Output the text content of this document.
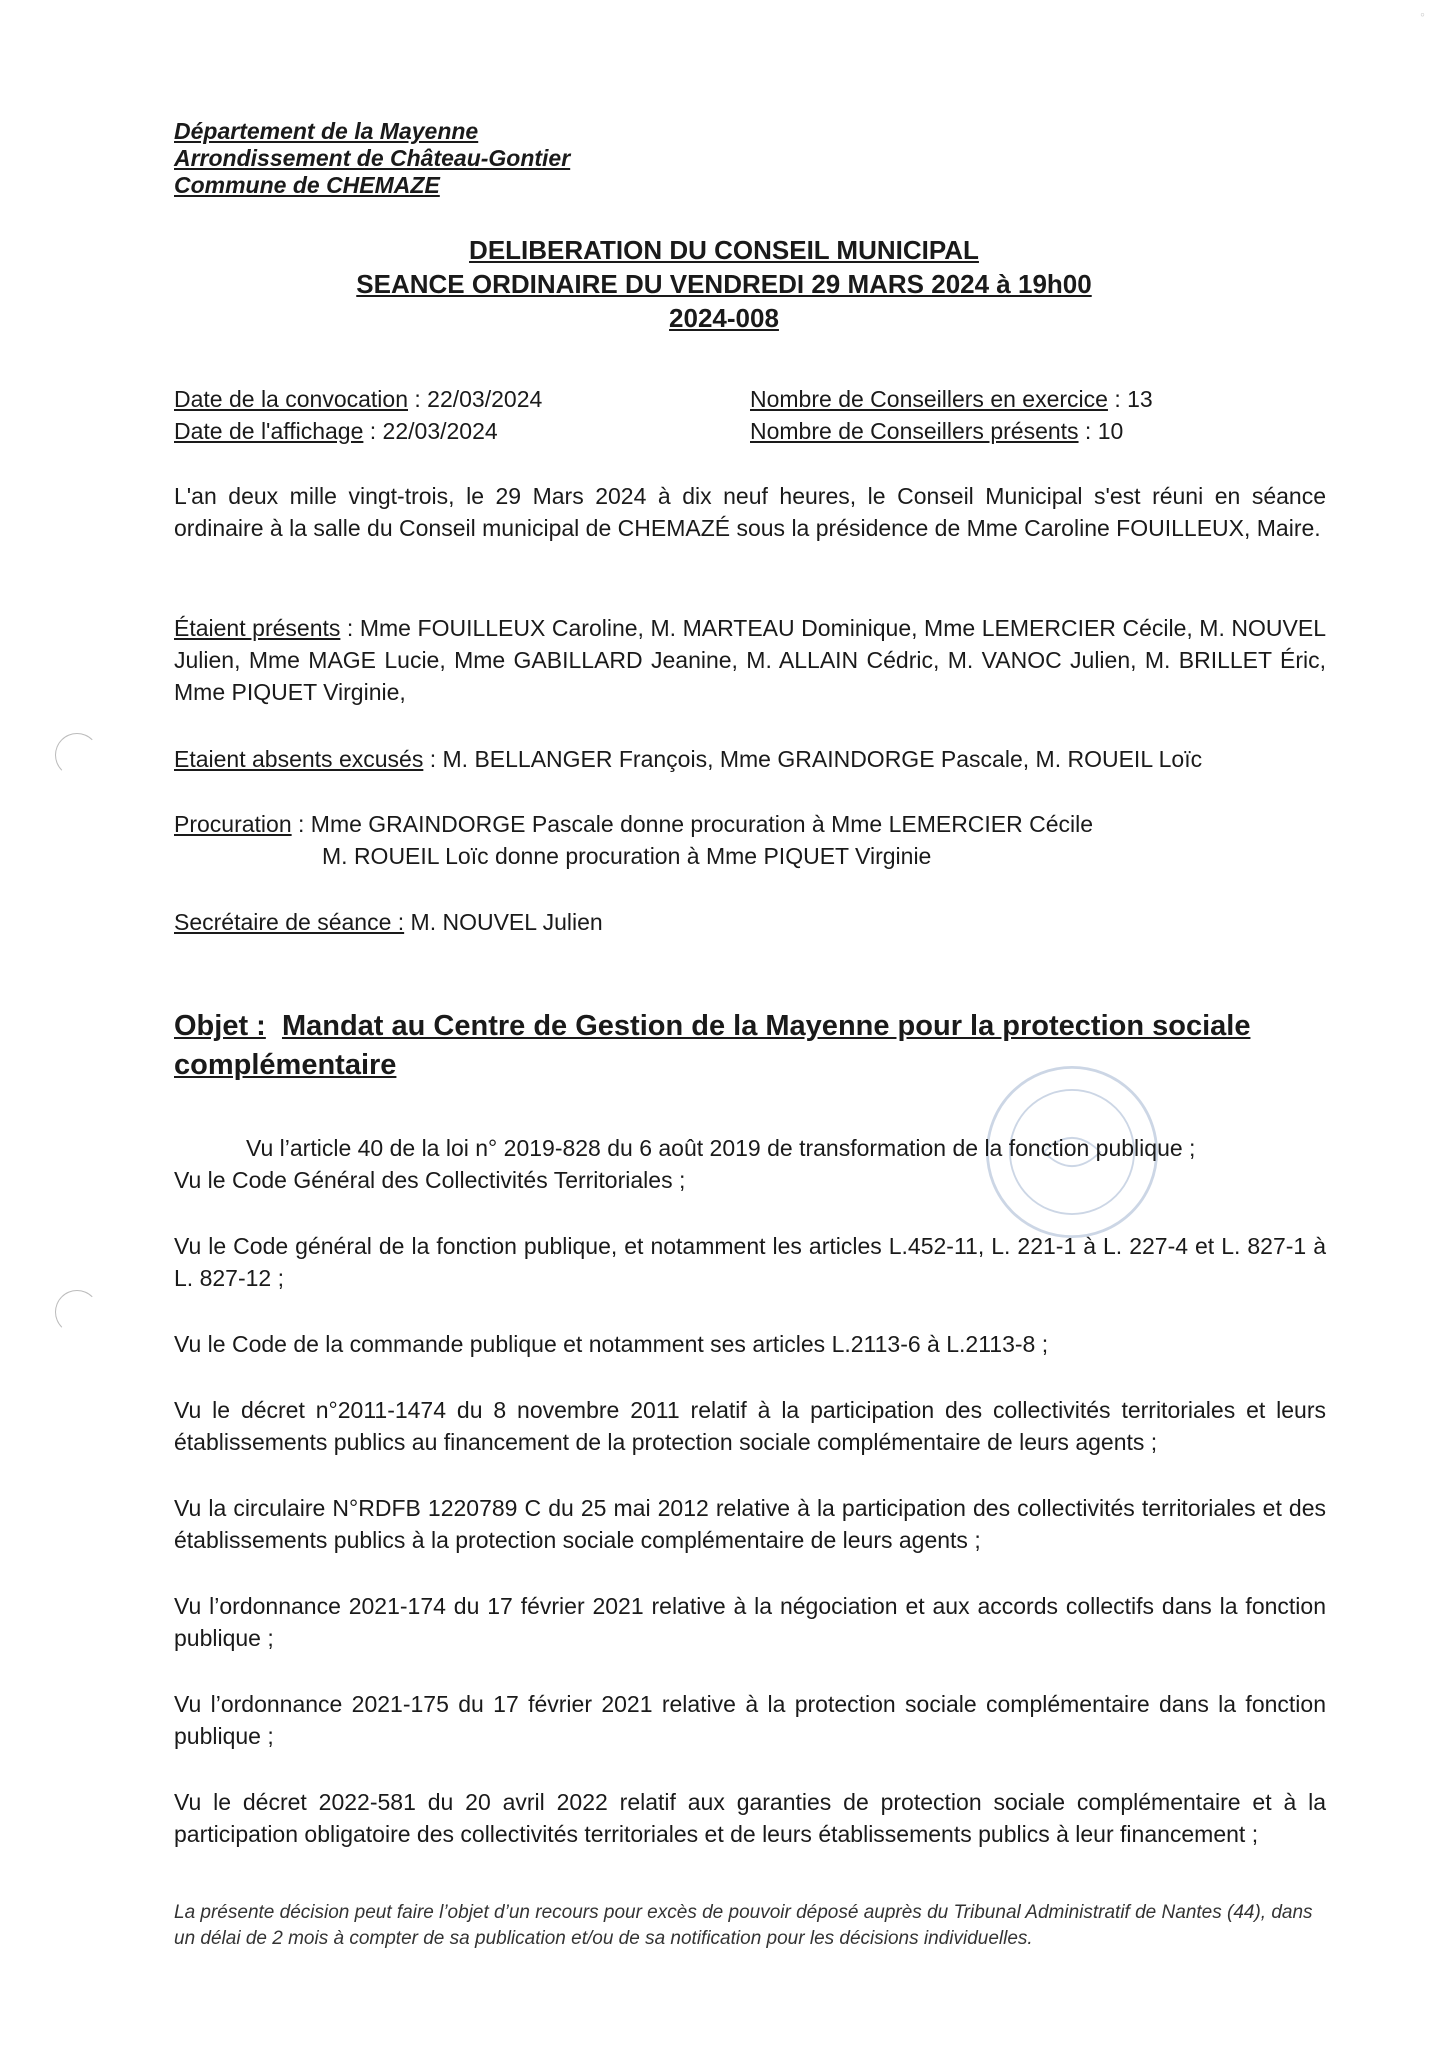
◦
Département de la Mayenne
Arrondissement de Château-Gontier
Commune de CHEMAZE
DELIBERATION DU CONSEIL MUNICIPAL
SEANCE ORDINAIRE DU VENDREDI 29 MARS 2024 à 19h00
2024-008
Date de la convocation : 22/03/2024	Nombre de Conseillers en exercice : 13
Date de l'affichage : 22/03/2024	Nombre de Conseillers présents : 10
L'an deux mille vingt-trois, le 29 Mars 2024 à dix neuf heures, le Conseil Municipal s'est réuni en séance ordinaire à la salle du Conseil municipal de CHEMAZÉ sous la présidence de Mme Caroline FOUILLEUX, Maire.
Étaient présents : Mme FOUILLEUX Caroline, M. MARTEAU Dominique, Mme LEMERCIER Cécile, M. NOUVEL Julien, Mme MAGE Lucie, Mme GABILLARD Jeanine, M. ALLAIN Cédric, M. VANOC Julien, M. BRILLET Éric, Mme PIQUET Virginie,
Etaient absents excusés : M. BELLANGER François, Mme GRAINDORGE Pascale, M. ROUEIL Loïc
Procuration : Mme GRAINDORGE Pascale donne procuration à Mme LEMERCIER Cécile
M. ROUEIL Loïc donne procuration à Mme PIQUET Virginie
Secrétaire de séance : M. NOUVEL Julien
Objet : Mandat au Centre de Gestion de la Mayenne pour la protection sociale complémentaire
Vu l’article 40 de la loi n° 2019-828 du 6 août 2019 de transformation de la fonction publique ;
Vu le Code Général des Collectivités Territoriales ;
Vu le Code général de la fonction publique, et notamment les articles L.452-11, L. 221-1 à L. 227-4 et L. 827-1 à L. 827-12 ;
Vu le Code de la commande publique et notamment ses articles L.2113-6 à L.2113-8 ;
Vu le décret n°2011-1474 du 8 novembre 2011 relatif à la participation des collectivités territoriales et leurs établissements publics au financement de la protection sociale complémentaire de leurs agents ;
Vu la circulaire N°RDFB 1220789 C du 25 mai 2012 relative à la participation des collectivités territoriales et des établissements publics à la protection sociale complémentaire de leurs agents ;
Vu l’ordonnance 2021-174 du 17 février 2021 relative à la négociation et aux accords collectifs dans la fonction publique ;
Vu l’ordonnance 2021-175 du 17 février 2021 relative à la protection sociale complémentaire dans la fonction publique ;
Vu le décret 2022-581 du 20 avril 2022 relatif aux garanties de protection sociale complémentaire et à la participation obligatoire des collectivités territoriales et de leurs établissements publics à leur financement ;
La présente décision peut faire l’objet d’un recours pour excès de pouvoir déposé auprès du Tribunal Administratif de Nantes (44), dans un délai de 2 mois à compter de sa publication et/ou de sa notification pour les décisions individuelles.
